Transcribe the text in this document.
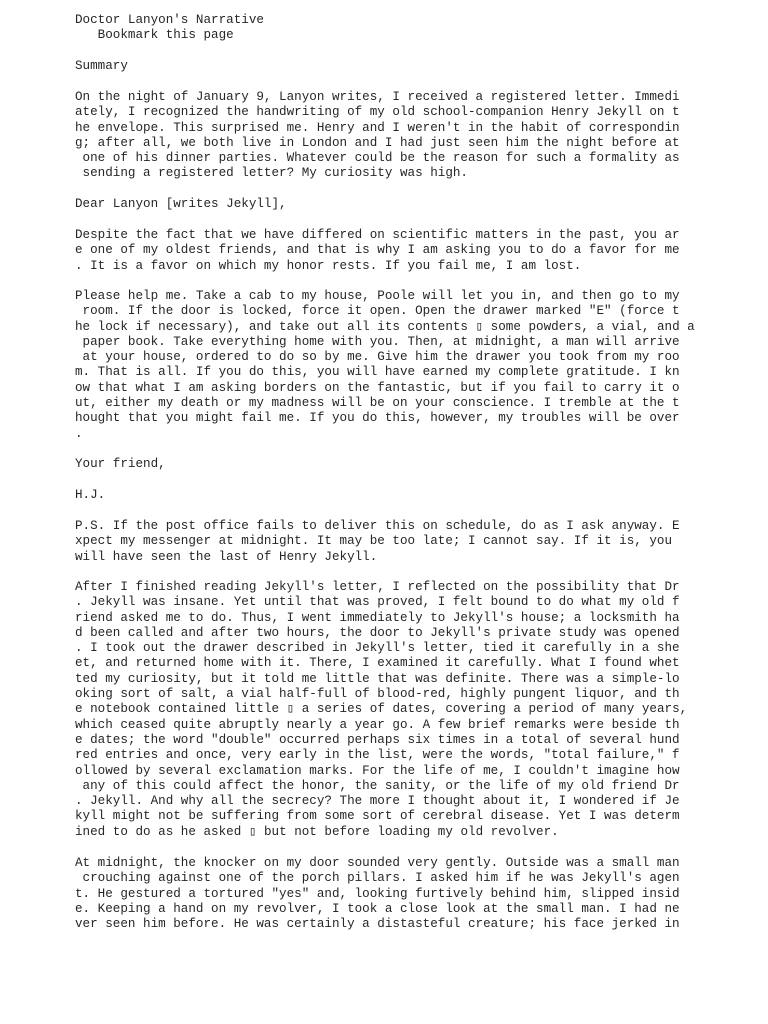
Doctor Lanyon's Narrative
Bookmark this page
Summary
On the night of January 9, Lanyon writes, I received a registered letter. Immedi
ately, I recognized the handwriting of my old school-companion Henry Jekyll on t
he envelope. This surprised me. Henry and I weren't in the habit of correspondin
g; after all, we both live in London and I had just seen him the night before at
one of his dinner parties. Whatever could be the reason for such a formality as
sending a registered letter? My curiosity was high.
Dear Lanyon [writes Jekyll],
Despite the fact that we have differed on scientific matters in the past, you ar
e one of my oldest friends, and that is why I am asking you to do a favor for me
. It is a favor on which my honor rests. If you fail me, I am lost.
Please help me. Take a cab to my house, Poole will let you in, and then go to my
room. If the door is locked, force it open. Open the drawer marked "E" (force t
he lock if necessary), and take out all its contents ▯ some powders, a vial, and a
paper book. Take everything home with you. Then, at midnight, a man will arrive
at your house, ordered to do so by me. Give him the drawer you took from my roo
m. That is all. If you do this, you will have earned my complete gratitude. I kn
ow that what I am asking borders on the fantastic, but if you fail to carry it o
ut, either my death or my madness will be on your conscience. I tremble at the t
hought that you might fail me. If you do this, however, my troubles will be over
.
Your friend,
H.J.
P.S. If the post office fails to deliver this on schedule, do as I ask anyway. E
xpect my messenger at midnight. It may be too late; I cannot say. If it is, you
will have seen the last of Henry Jekyll.
After I finished reading Jekyll's letter, I reflected on the possibility that Dr
. Jekyll was insane. Yet until that was proved, I felt bound to do what my old f
riend asked me to do. Thus, I went immediately to Jekyll's house; a locksmith ha
d been called and after two hours, the door to Jekyll's private study was opened
. I took out the drawer described in Jekyll's letter, tied it carefully in a she
et, and returned home with it. There, I examined it carefully. What I found whet
ted my curiosity, but it told me little that was definite. There was a simple-lo
oking sort of salt, a vial half-full of blood-red, highly pungent liquor, and th
e notebook contained little ▯ a series of dates, covering a period of many years,
which ceased quite abruptly nearly a year go. A few brief remarks were beside th
e dates; the word "double" occurred perhaps six times in a total of several hund
red entries and once, very early in the list, were the words, "total failure," f
ollowed by several exclamation marks. For the life of me, I couldn't imagine how
any of this could affect the honor, the sanity, or the life of my old friend Dr
. Jekyll. And why all the secrecy? The more I thought about it, I wondered if Je
kyll might not be suffering from some sort of cerebral disease. Yet I was determ
ined to do as he asked ▯ but not before loading my old revolver.
At midnight, the knocker on my door sounded very gently. Outside was a small man
crouching against one of the porch pillars. I asked him if he was Jekyll's agen
t. He gestured a tortured "yes" and, looking furtively behind him, slipped insid
e. Keeping a hand on my revolver, I took a close look at the small man. I had ne
ver seen him before. He was certainly a distasteful creature; his face jerked in
